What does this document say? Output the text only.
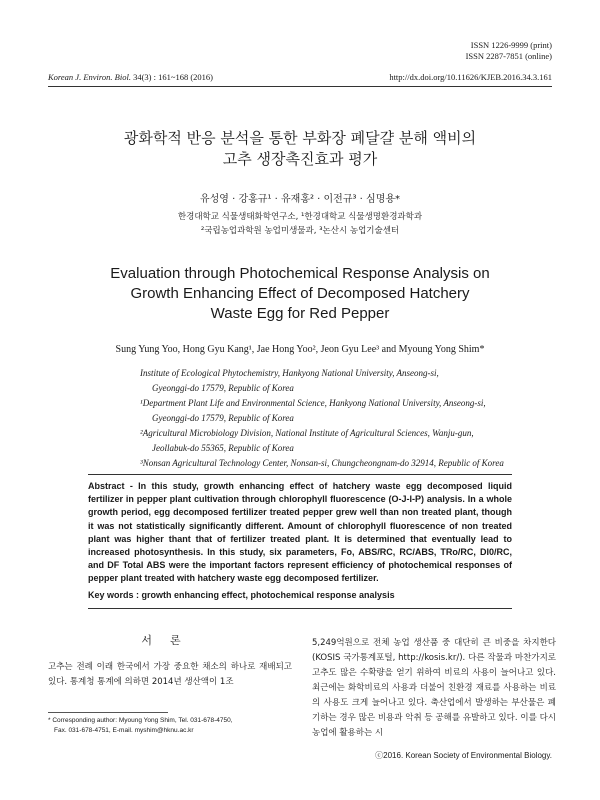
ISSN 1226-9999 (print)
ISSN 2287-7851 (online)
Korean J. Environ. Biol. 34(3) : 161~168 (2016)	http://dx.doi.org/10.11626/KJEB.2016.34.3.161
광화학적 반응 분석을 통한 부화장 폐달걀 분해 액비의
고추 생장촉진효과 평가
유성영 · 강홍규¹ · 유재홍² · 이전규³ · 심명용*
한경대학교 식물생태화학연구소, ¹한경대학교 식물생명환경과학과
²국립농업과학원 농업미생물과, ³논산시 농업기술센터
Evaluation through Photochemical Response Analysis on
Growth Enhancing Effect of Decomposed Hatchery
Waste Egg for Red Pepper
Sung Yung Yoo, Hong Gyu Kang¹, Jae Hong Yoo², Jeon Gyu Lee³ and Myoung Yong Shim*
Institute of Ecological Phytochemistry, Hankyong National University, Anseong-si,
Gyeonggi-do 17579, Republic of Korea
¹Department Plant Life and Environmental Science, Hankyong National University, Anseong-si,
Gyeonggi-do 17579, Republic of Korea
²Agricultural Microbiology Division, National Institute of Agricultural Sciences, Wanju-gun,
Jeollabuk-do 55365, Republic of Korea
³Nonsan Agricultural Technology Center, Nonsan-si, Chungcheongnam-do 32914, Republic of Korea
Abstract - In this study, growth enhancing effect of hatchery waste egg decomposed liquid fertilizer in pepper plant cultivation through chlorophyll fluorescence (O-J-I-P) analysis. In a whole growth period, egg decomposed fertilizer treated pepper grew well than non treated plant, though it was not statistically significantly different. Amount of chlorophyll fluorescence of non treated plant was higher thant that of fertilizer treated plant. It is determined that eventually lead to increased photosynthesis. In this study, six parameters, Fo, ABS/RC, RC/ABS, TRo/RC, DI0/RC, and DF Total ABS were the important factors represent efficiency of photochemical responses of pepper plant treated with hatchery waste egg decomposed fertilizer.
Key words : growth enhancing effect, photochemical response analysis
서론
고추는 전례 이래 한국에서 가장 중요한 채소의 하나로 재배되고 있다. 통계청 통계에 의하면 2014년 생산액이 1조
* Corresponding author: Myoung Yong Shim, Tel. 031-678-4750,
Fax. 031-678-4751, E-mail. myshim@hknu.ac.kr
5,249억원으로 전체 농업 생산품 중 대단히 큰 비중을 차지한다(KOSIS 국가통계포털, http://kosis.kr/). 다른 작물과 마찬가지로 고추도 많은 수확량을 얻기 위하여 비료의 사용이 늘어나고 있다. 최근에는 화학비료의 사용과 더불어 친환경 재료를 사용하는 비료의 사용도 크게 늘어나고 있다. 축산업에서 발생하는 부산물은 폐기하는 경우 많은 비용과 악취 등 공해를 유발하고 있다. 이를 다시 농업에 활용하는 시
ⓒ2016. Korean Society of Environmental Biology.
